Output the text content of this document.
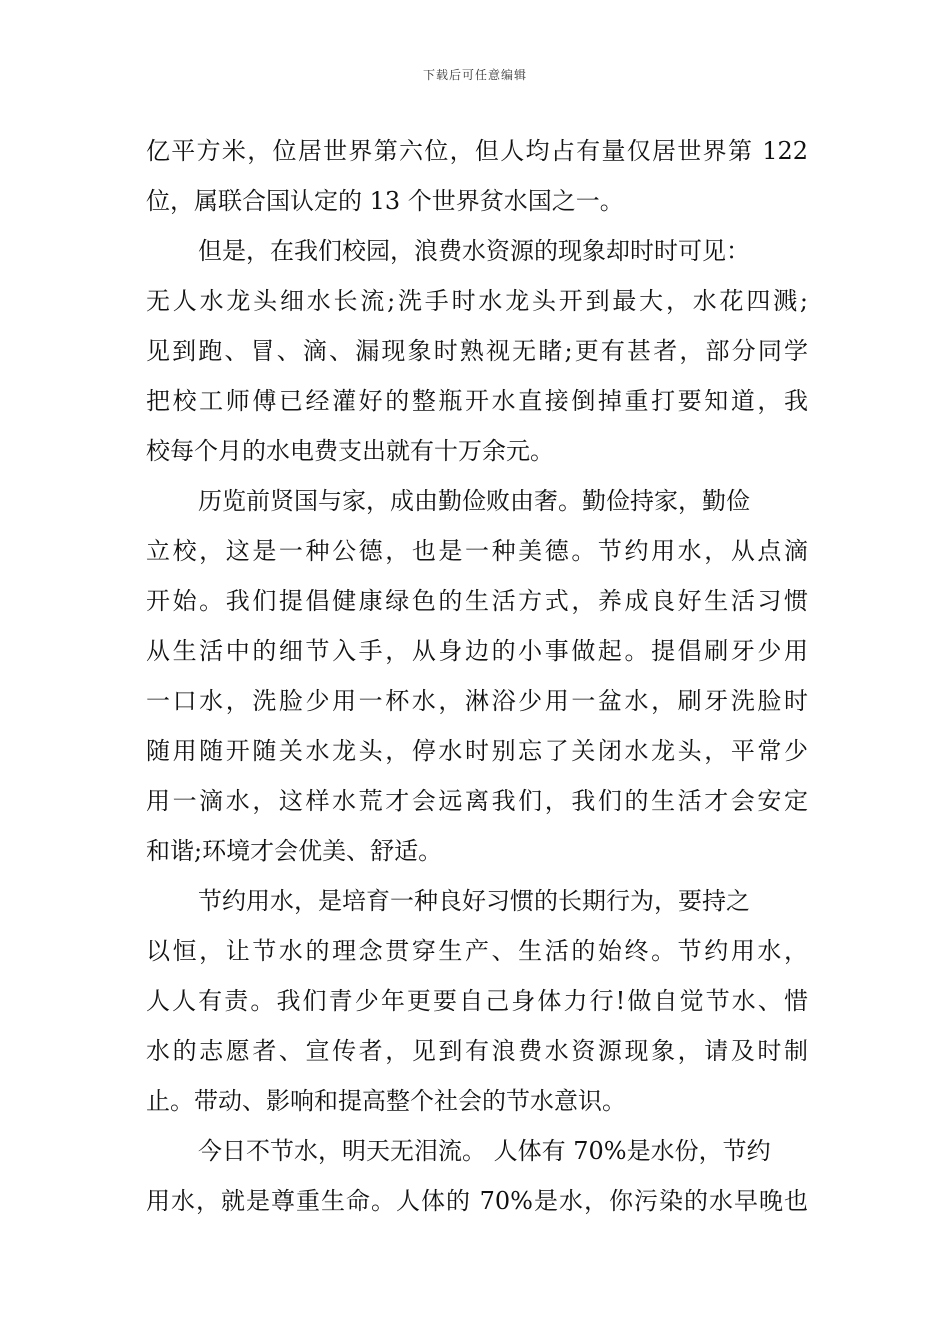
下载后可任意编辑
亿平方米，位居世界第六位，但人均占有量仅居世界第 122
位，属联合国认定的 13 个世界贫水国之一。
但是，在我们校园，浪费水资源的现象却时时可见：
无人水龙头细水长流;洗手时水龙头开到最大，水花四溅;
见到跑、冒、滴、漏现象时熟视无睹;更有甚者，部分同学
把校工师傅已经灌好的整瓶开水直接倒掉重打要知道，我
校每个月的水电费支出就有十万余元。
历览前贤国与家，成由勤俭败由奢。勤俭持家，勤俭
立校，这是一种公德，也是一种美德。节约用水，从点滴
开始。我们提倡健康绿色的生活方式，养成良好生活习惯
从生活中的细节入手，从身边的小事做起。提倡刷牙少用
一口水，洗脸少用一杯水，淋浴少用一盆水，刷牙洗脸时
随用随开随关水龙头，停水时别忘了关闭水龙头，平常少
用一滴水，这样水荒才会远离我们，我们的生活才会安定
和谐;环境才会优美、舒适。
节约用水，是培育一种良好习惯的长期行为，要持之
以恒，让节水的理念贯穿生产、生活的始终。节约用水，
人人有责。我们青少年更要自己身体力行!做自觉节水、惜
水的志愿者、宣传者，见到有浪费水资源现象，请及时制
止。带动、影响和提高整个社会的节水意识。
今日不节水，明天无泪流。 人体有 70%是水份，节约
用水，就是尊重生命。人体的 70%是水，你污染的水早晚也
